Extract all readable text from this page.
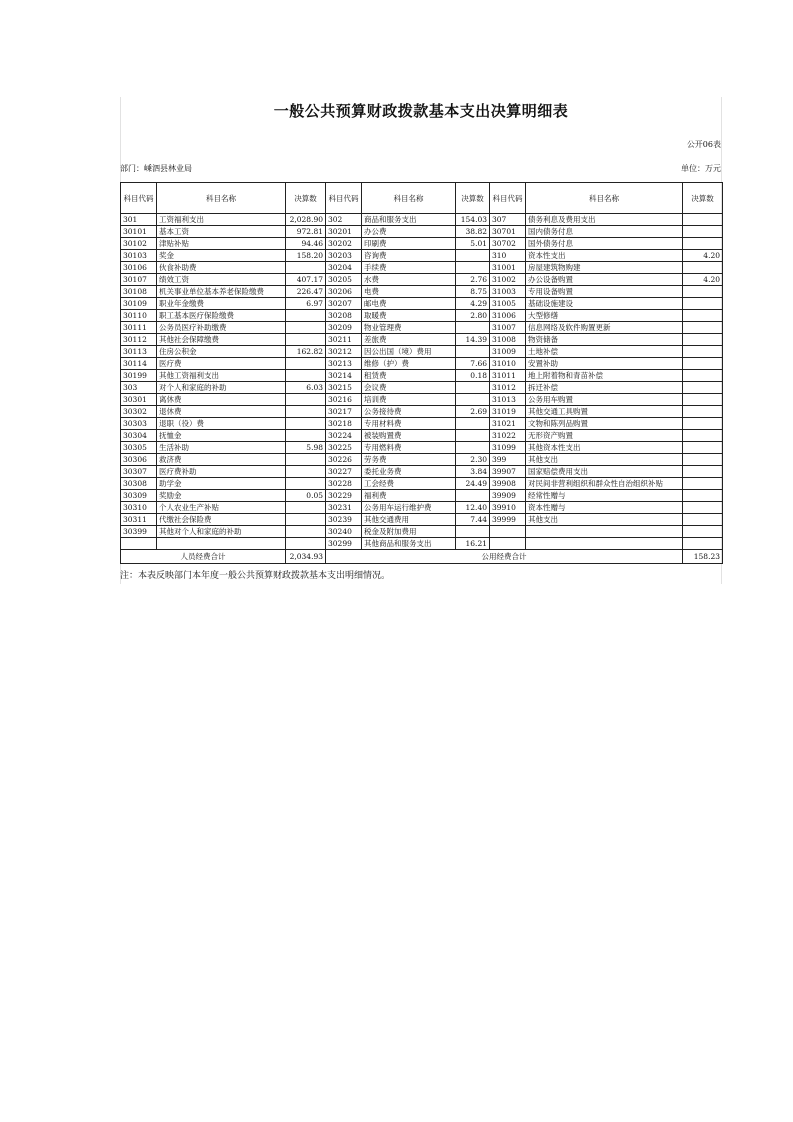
一般公共预算财政拨款基本支出决算明细表
公开06表
部门：嵊泗县林业局	单位：万元
科目代码	科目名称	决算数	科目代码	科目名称	决算数	科目代码	科目名称	决算数
301	工资福利支出	2,028.90	302	商品和服务支出	154.03	307	债务利息及费用支出	
30101	基本工资	972.81	30201	办公费	38.82	30701	国内债务付息	
30102	津贴补贴	94.46	30202	印刷费	5.01	30702	国外债务付息	
30103	奖金	158.20	30203	咨询费		310	资本性支出	4.20
30106	伙食补助费		30204	手续费		31001	房屋建筑物购建	
30107	绩效工资	407.17	30205	水费	2.76	31002	办公设备购置	4.20
30108	机关事业单位基本养老保险缴费	226.47	30206	电费	8.75	31003	专用设备购置	
30109	职业年金缴费	6.97	30207	邮电费	4.29	31005	基础设施建设	
30110	职工基本医疗保险缴费		30208	取暖费	2.80	31006	大型修缮	
30111	公务员医疗补助缴费		30209	物业管理费		31007	信息网络及软件购置更新	
30112	其他社会保障缴费		30211	差旅费	14.39	31008	物资储备	
30113	住房公积金	162.82	30212	因公出国（境）费用		31009	土地补偿	
30114	医疗费		30213	维修（护）费	7.66	31010	安置补助	
30199	其他工资福利支出		30214	租赁费	0.18	31011	地上附着物和青苗补偿	
303	对个人和家庭的补助	6.03	30215	会议费		31012	拆迁补偿	
30301	离休费		30216	培训费		31013	公务用车购置	
30302	退休费		30217	公务接待费	2.69	31019	其他交通工具购置	
30303	退职（役）费		30218	专用材料费		31021	文物和陈列品购置	
30304	抚恤金		30224	被装购置费		31022	无形资产购置	
30305	生活补助	5.98	30225	专用燃料费		31099	其他资本性支出	
30306	救济费		30226	劳务费	2.30	399	其他支出	
30307	医疗费补助		30227	委托业务费	3.84	39907	国家赔偿费用支出	
30308	助学金		30228	工会经费	24.49	39908	对民间非营利组织和群众性自治组织补贴	
30309	奖励金	0.05	30229	福利费		39909	经常性赠与	
30310	个人农业生产补贴		30231	公务用车运行维护费	12.40	39910	资本性赠与	
30311	代缴社会保险费		30239	其他交通费用	7.44	39999	其他支出	
30399	其他对个人和家庭的补助		30240	税金及附加费用				
			30299	其他商品和服务支出	16.21			
人员经费合计		2,034.93	公用经费合计					158.23
注：本表反映部门本年度一般公共预算财政拨款基本支出明细情况。
